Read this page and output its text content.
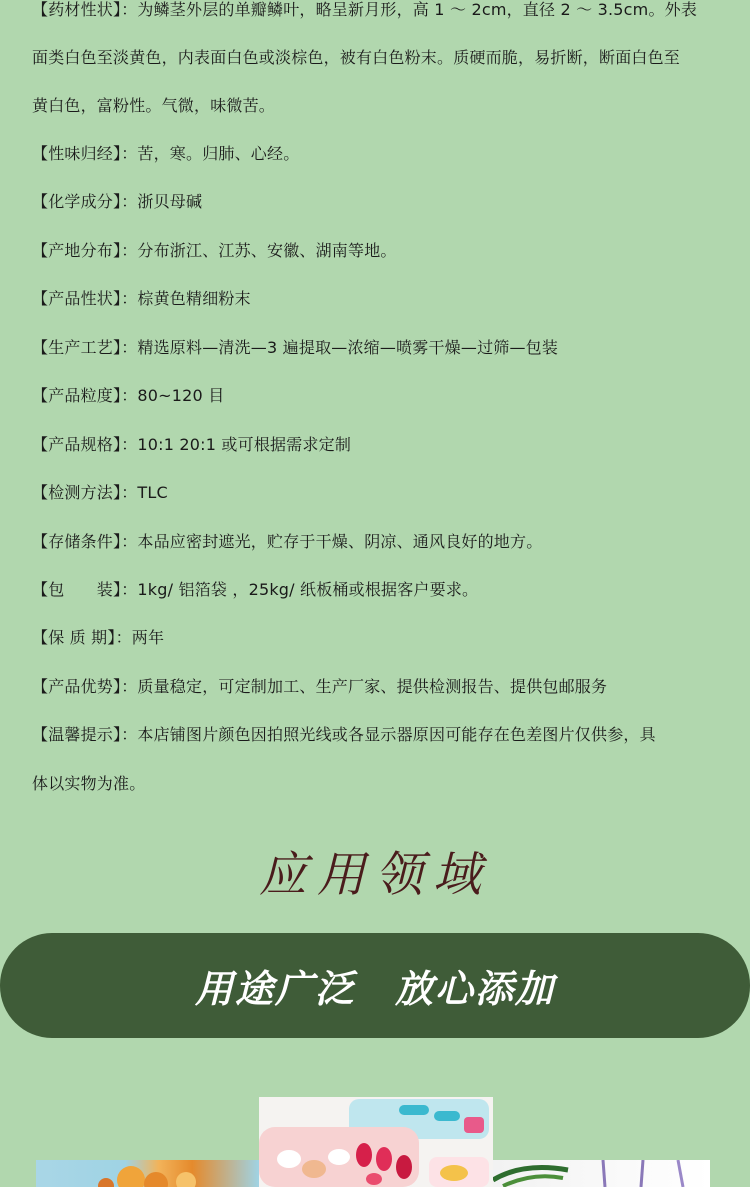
【药材性状】：为鳞茎外层的单瓣鳞叶，略呈新月形，高 1 ～ 2cm，直径 2 ～ 3.5cm。外表
面类白色至淡黄色，内表面白色或淡棕色，被有白色粉末。质硬而脆，易折断，断面白色至
黄白色，富粉性。气微，味微苦。
【性味归经】：苦，寒。归肺、心经。
【化学成分】：浙贝母碱
【产地分布】：分布浙江、江苏、安徽、湖南等地。
【产品性状】：棕黄色精细粉末
【生产工艺】：精选原料—清洗—3 遍提取—浓缩—喷雾干燥—过筛—包装
【产品粒度】：80~120 目
【产品规格】：10:1 20:1 或可根据需求定制
【检测方法】：TLC
【存储条件】：本品应密封遮光，贮存于干燥、阴凉、通风良好的地方。
【包　　装】：1kg/ 铝箔袋 ，25kg/ 纸板桶或根据客户要求。
【保 质 期】：两年
【产品优势】：质量稳定，可定制加工、生产厂家、提供检测报告、提供包邮服务
【温馨提示】：本店铺图片颜色因拍照光线或各显示器原因可能存在色差图片仅供参，具
体以实物为准。
应用领域
用途广泛　放心添加
